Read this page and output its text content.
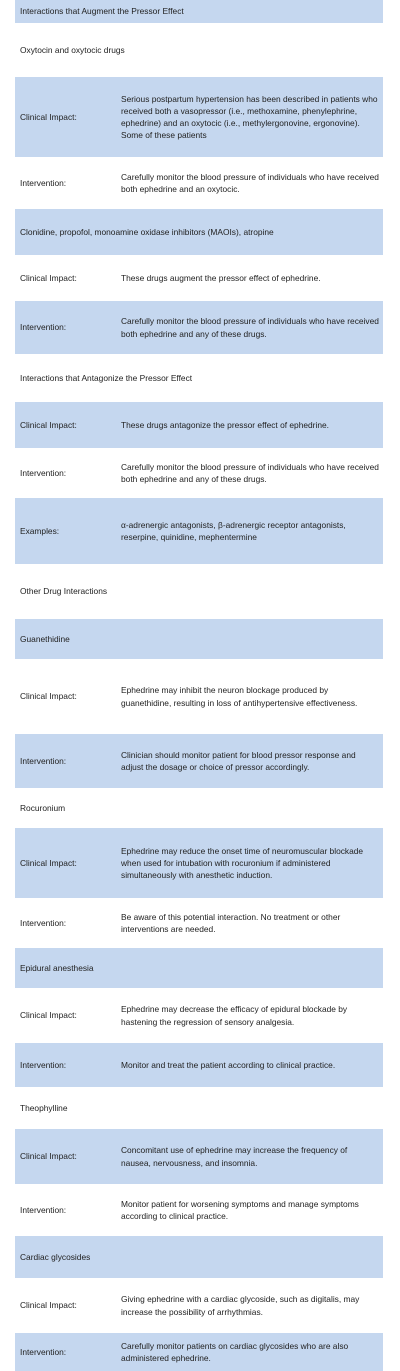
Interactions that Augment the Pressor Effect
Oxytocin and oxytocic drugs
Clinical Impact:
Serious postpartum hypertension has been described in patients who received both a vasopressor (i.e., methoxamine, phenylephrine, ephedrine) and an oxytocic (i.e., methylergonovine, ergonovine). Some of these patients
Intervention:
Carefully monitor the blood pressure of individuals who have received both ephedrine and an oxytocic.
Clonidine, propofol, monoamine oxidase inhibitors (MAOIs), atropine
Clinical Impact:	These drugs augment the pressor effect of ephedrine.
Intervention:
Carefully monitor the blood pressure of individuals who have received both ephedrine and any of these drugs.
Interactions that Antagonize the Pressor Effect
Clinical Impact:	These drugs antagonize the pressor effect of ephedrine.
Intervention:
Carefully monitor the blood pressure of individuals who have received both ephedrine and any of these drugs.
Examples:
α-adrenergic antagonists, β-adrenergic receptor antagonists, reserpine, quinidine, mephentermine
Other Drug Interactions
Guanethidine
Clinical Impact:
Ephedrine may inhibit the neuron blockage produced by guanethidine, resulting in loss of antihypertensive effectiveness.
Intervention:
Clinician should monitor patient for blood pressor response and adjust the dosage or choice of pressor accordingly.
Rocuronium
Clinical Impact:
Ephedrine may reduce the onset time of neuromuscular blockade when used for intubation with rocuronium if administered simultaneously with anesthetic induction.
Intervention:
Be aware of this potential interaction. No treatment or other interventions are needed.
Epidural anesthesia
Clinical Impact:
Ephedrine may decrease the efficacy of epidural blockade by hastening the regression of sensory analgesia.
Intervention:	Monitor and treat the patient according to clinical practice.
Theophylline
Clinical Impact:
Concomitant use of ephedrine may increase the frequency of nausea, nervousness, and insomnia.
Intervention:
Monitor patient for worsening symptoms and manage symptoms according to clinical practice.
Cardiac glycosides
Clinical Impact:
Giving ephedrine with a cardiac glycoside, such as digitalis, may increase the possibility of arrhythmias.
Intervention:
Carefully monitor patients on cardiac glycosides who are also administered ephedrine.
